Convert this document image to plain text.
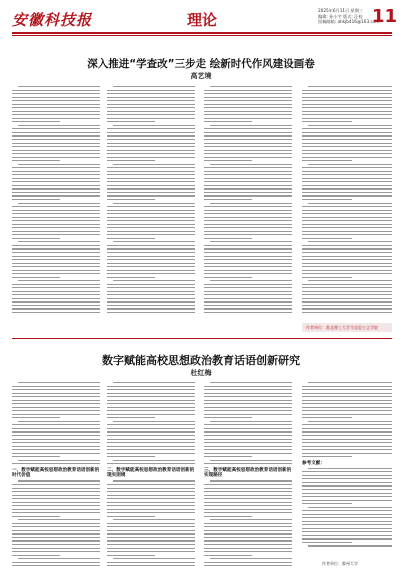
安徽科技报	理论
2025年6月11日 星期三
编辑: 孙小宇 版式: 汪桂
投稿邮箱: ahkjb416@163.com
11
深入推进“学查改”三步走 绘新时代作风建设画卷
高艺境
作者单位：淮北理工大学马克思主义学院
数字赋能高校思想政治教育话语创新研究
杜红梅
一、数字赋能高校思想政治教育话语创新的时代价值
二、数字赋能高校思想政治教育话语创新的现实困境
三、数字赋能高校思想政治教育话语创新的实现路径
参考文献：
作者单位：滁州大学
